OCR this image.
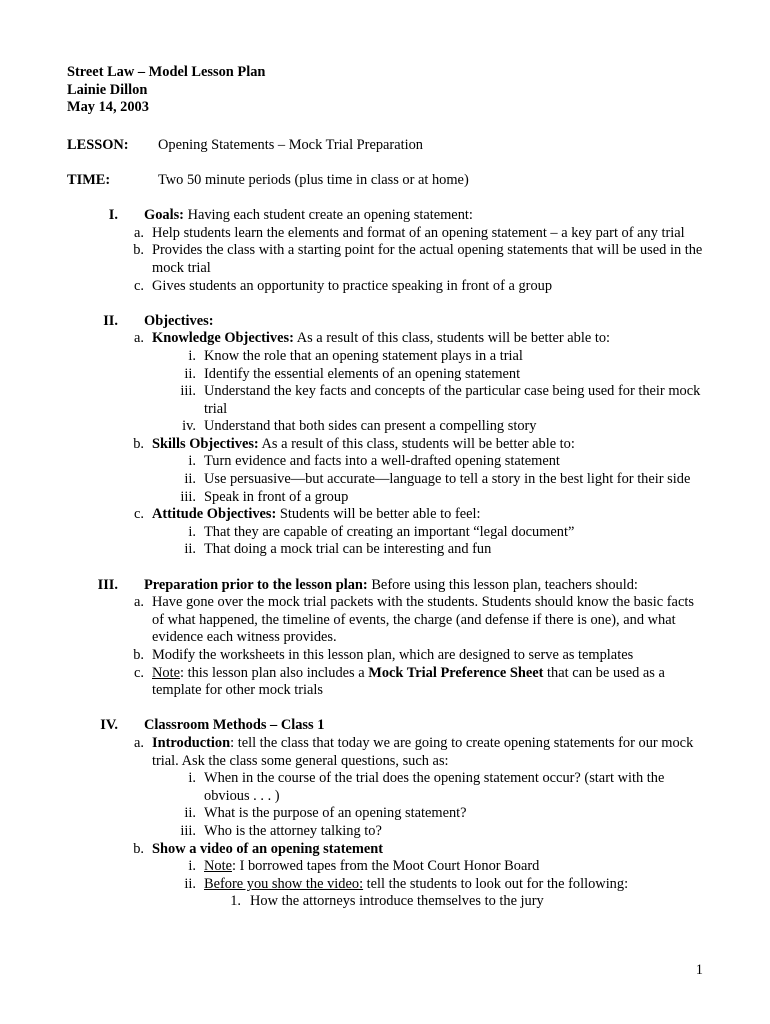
Street Law – Model Lesson Plan
Lainie Dillon
May 14, 2003
LESSON:	Opening Statements – Mock Trial Preparation
TIME:	Two 50 minute periods (plus time in class or at home)
I. Goals: Having each student create an opening statement:
a. Help students learn the elements and format of an opening statement – a key part of any trial
b. Provides the class with a starting point for the actual opening statements that will be used in the mock trial
c. Gives students an opportunity to practice speaking in front of a group
II. Objectives:
a. Knowledge Objectives: As a result of this class, students will be better able to:
i. Know the role that an opening statement plays in a trial
ii. Identify the essential elements of an opening statement
iii. Understand the key facts and concepts of the particular case being used for their mock trial
iv. Understand that both sides can present a compelling story
b. Skills Objectives: As a result of this class, students will be better able to:
i. Turn evidence and facts into a well-drafted opening statement
ii. Use persuasive—but accurate—language to tell a story in the best light for their side
iii. Speak in front of a group
c. Attitude Objectives: Students will be better able to feel:
i. That they are capable of creating an important “legal document”
ii. That doing a mock trial can be interesting and fun
III. Preparation prior to the lesson plan: Before using this lesson plan, teachers should:
a. Have gone over the mock trial packets with the students. Students should know the basic facts of what happened, the timeline of events, the charge (and defense if there is one), and what evidence each witness provides.
b. Modify the worksheets in this lesson plan, which are designed to serve as templates
c. Note: this lesson plan also includes a Mock Trial Preference Sheet that can be used as a template for other mock trials
IV. Classroom Methods – Class 1
a. Introduction: tell the class that today we are going to create opening statements for our mock trial. Ask the class some general questions, such as:
i. When in the course of the trial does the opening statement occur? (start with the obvious . . . )
ii. What is the purpose of an opening statement?
iii. Who is the attorney talking to?
b. Show a video of an opening statement
i. Note: I borrowed tapes from the Moot Court Honor Board
ii. Before you show the video: tell the students to look out for the following:
1. How the attorneys introduce themselves to the jury
1
